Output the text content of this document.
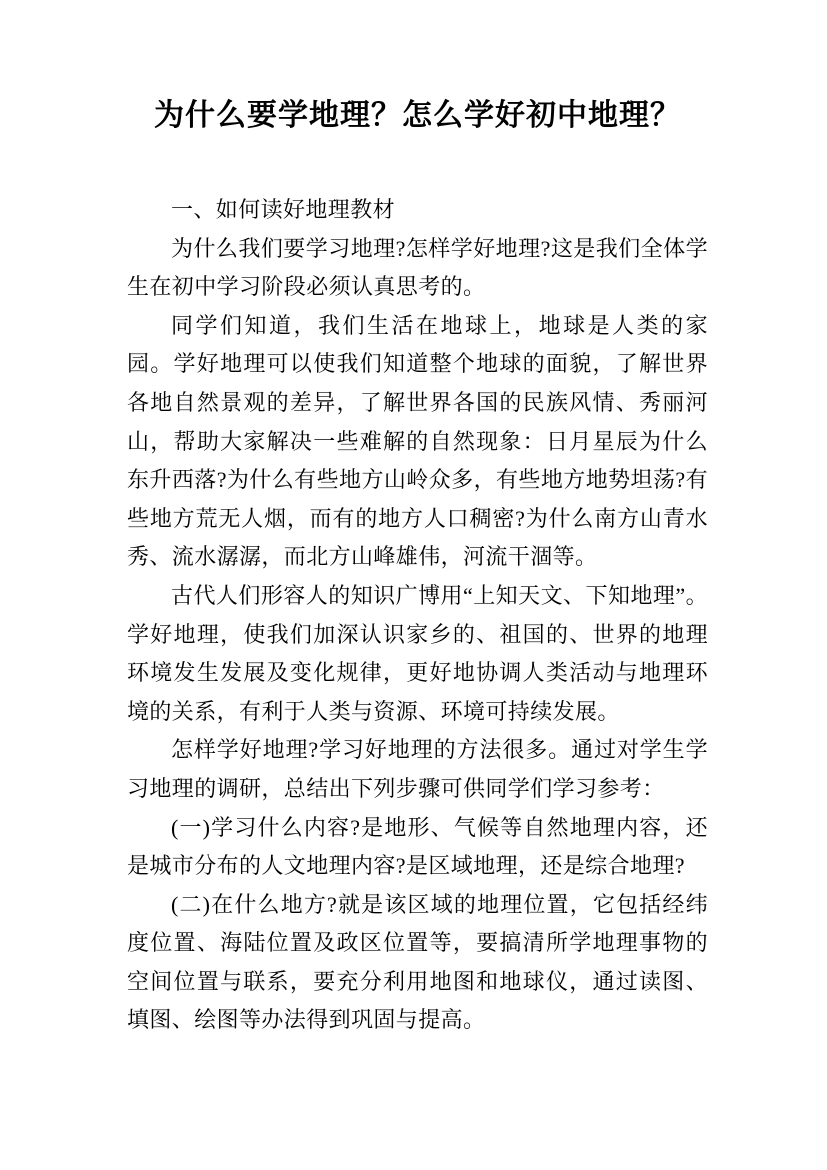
为什么要学地理？怎么学好初中地理？

一、如何读好地理教材

为什么我们要学习地理?怎样学好地理?这是我们全体学生在初中学习阶段必须认真思考的。

同学们知道，我们生活在地球上，地球是人类的家园。学好地理可以使我们知道整个地球的面貌，了解世界各地自然景观的差异，了解世界各国的民族风情、秀丽河山，帮助大家解决一些难解的自然现象：日月星辰为什么东升西落?为什么有些地方山岭众多，有些地方地势坦荡?有些地方荒无人烟，而有的地方人口稠密?为什么南方山青水秀、流水潺潺，而北方山峰雄伟，河流干涸等。

古代人们形容人的知识广博用“上知天文、下知地理”。学好地理，使我们加深认识家乡的、祖国的、世界的地理环境发生发展及变化规律，更好地协调人类活动与地理环境的关系，有利于人类与资源、环境可持续发展。

怎样学好地理?学习好地理的方法很多。通过对学生学习地理的调研，总结出下列步骤可供同学们学习参考：

(一)学习什么内容?是地形、气候等自然地理内容，还是城市分布的人文地理内容?是区域地理，还是综合地理?

(二)在什么地方?就是该区域的地理位置，它包括经纬度位置、海陆位置及政区位置等，要搞清所学地理事物的空间位置与联系，要充分利用地图和地球仪，通过读图、填图、绘图等办法得到巩固与提高。
